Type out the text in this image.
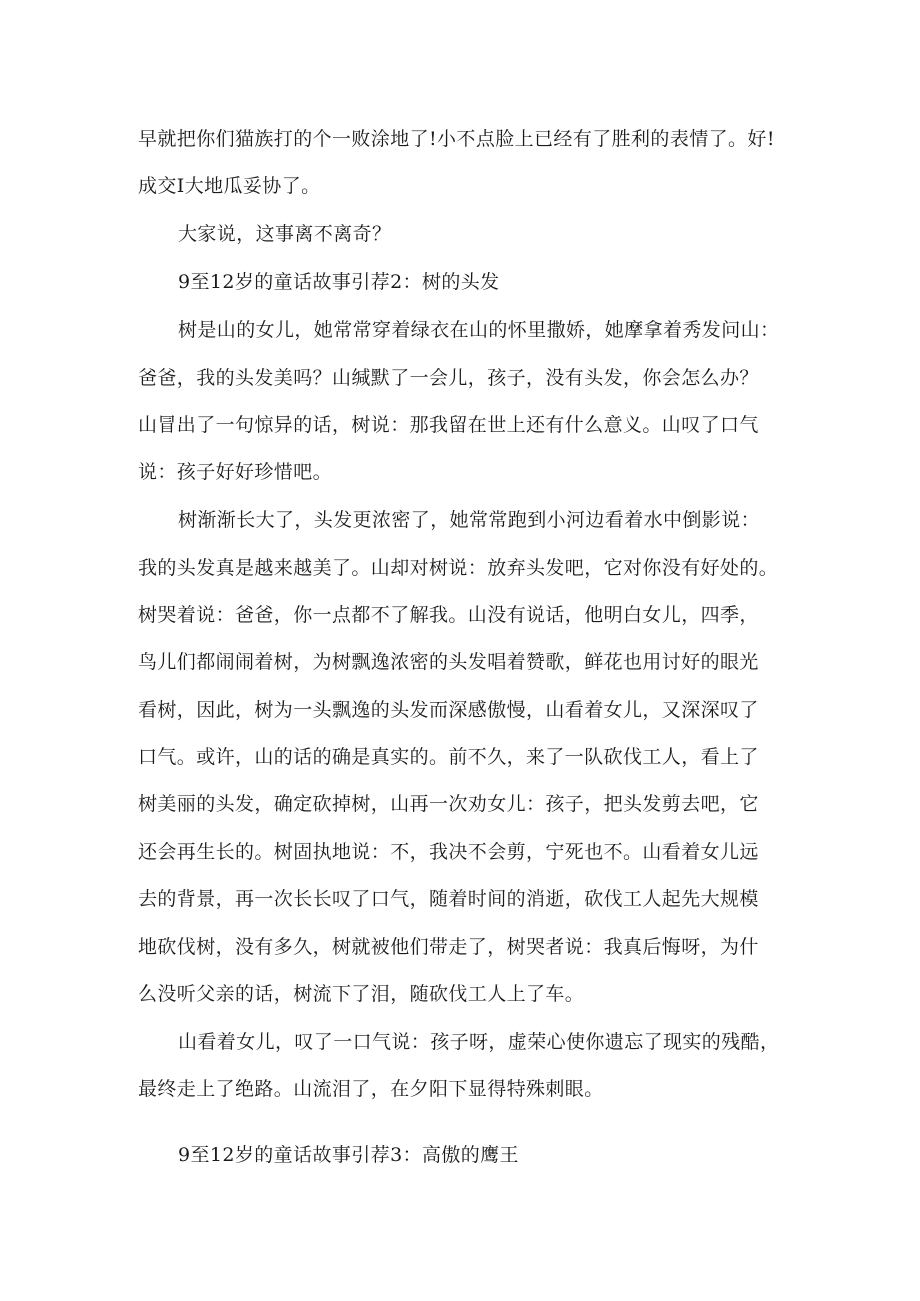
早就把你们猫族打的个一败涂地了!小不点脸上已经有了胜利的表情了。好!
成交I大地瓜妥协了。
大家说，这事离不离奇？
9至12岁的童话故事引荐2：树的头发
树是山的女儿，她常常穿着绿衣在山的怀里撒娇，她摩拿着秀发问山：
爸爸，我的头发美吗？山缄默了一会儿，孩子，没有头发，你会怎么办？
山冒出了一句惊异的话，树说：那我留在世上还有什么意义。山叹了口气
说：孩子好好珍惜吧。
树渐渐长大了，头发更浓密了，她常常跑到小河边看着水中倒影说：
我的头发真是越来越美了。山却对树说：放弃头发吧，它对你没有好处的。
树哭着说：爸爸，你一点都不了解我。山没有说话，他明白女儿，四季，
鸟儿们都闹闹着树，为树飘逸浓密的头发唱着赞歌，鲜花也用讨好的眼光
看树，因此，树为一头飘逸的头发而深感傲慢，山看着女儿，又深深叹了
口气。或许，山的话的确是真实的。前不久，来了一队砍伐工人，看上了
树美丽的头发，确定砍掉树，山再一次劝女儿：孩子，把头发剪去吧，它
还会再生长的。树固执地说：不，我决不会剪，宁死也不。山看着女儿远
去的背景，再一次长长叹了口气，随着时间的消逝，砍伐工人起先大规模
地砍伐树，没有多久，树就被他们带走了，树哭者说：我真后悔呀，为什
么没听父亲的话，树流下了泪，随砍伐工人上了车。
山看着女儿，叹了一口气说：孩子呀，虚荣心使你遗忘了现实的残酷，
最终走上了绝路。山流泪了，在夕阳下显得特殊刺眼。
9至12岁的童话故事引荐3：高傲的鹰王
